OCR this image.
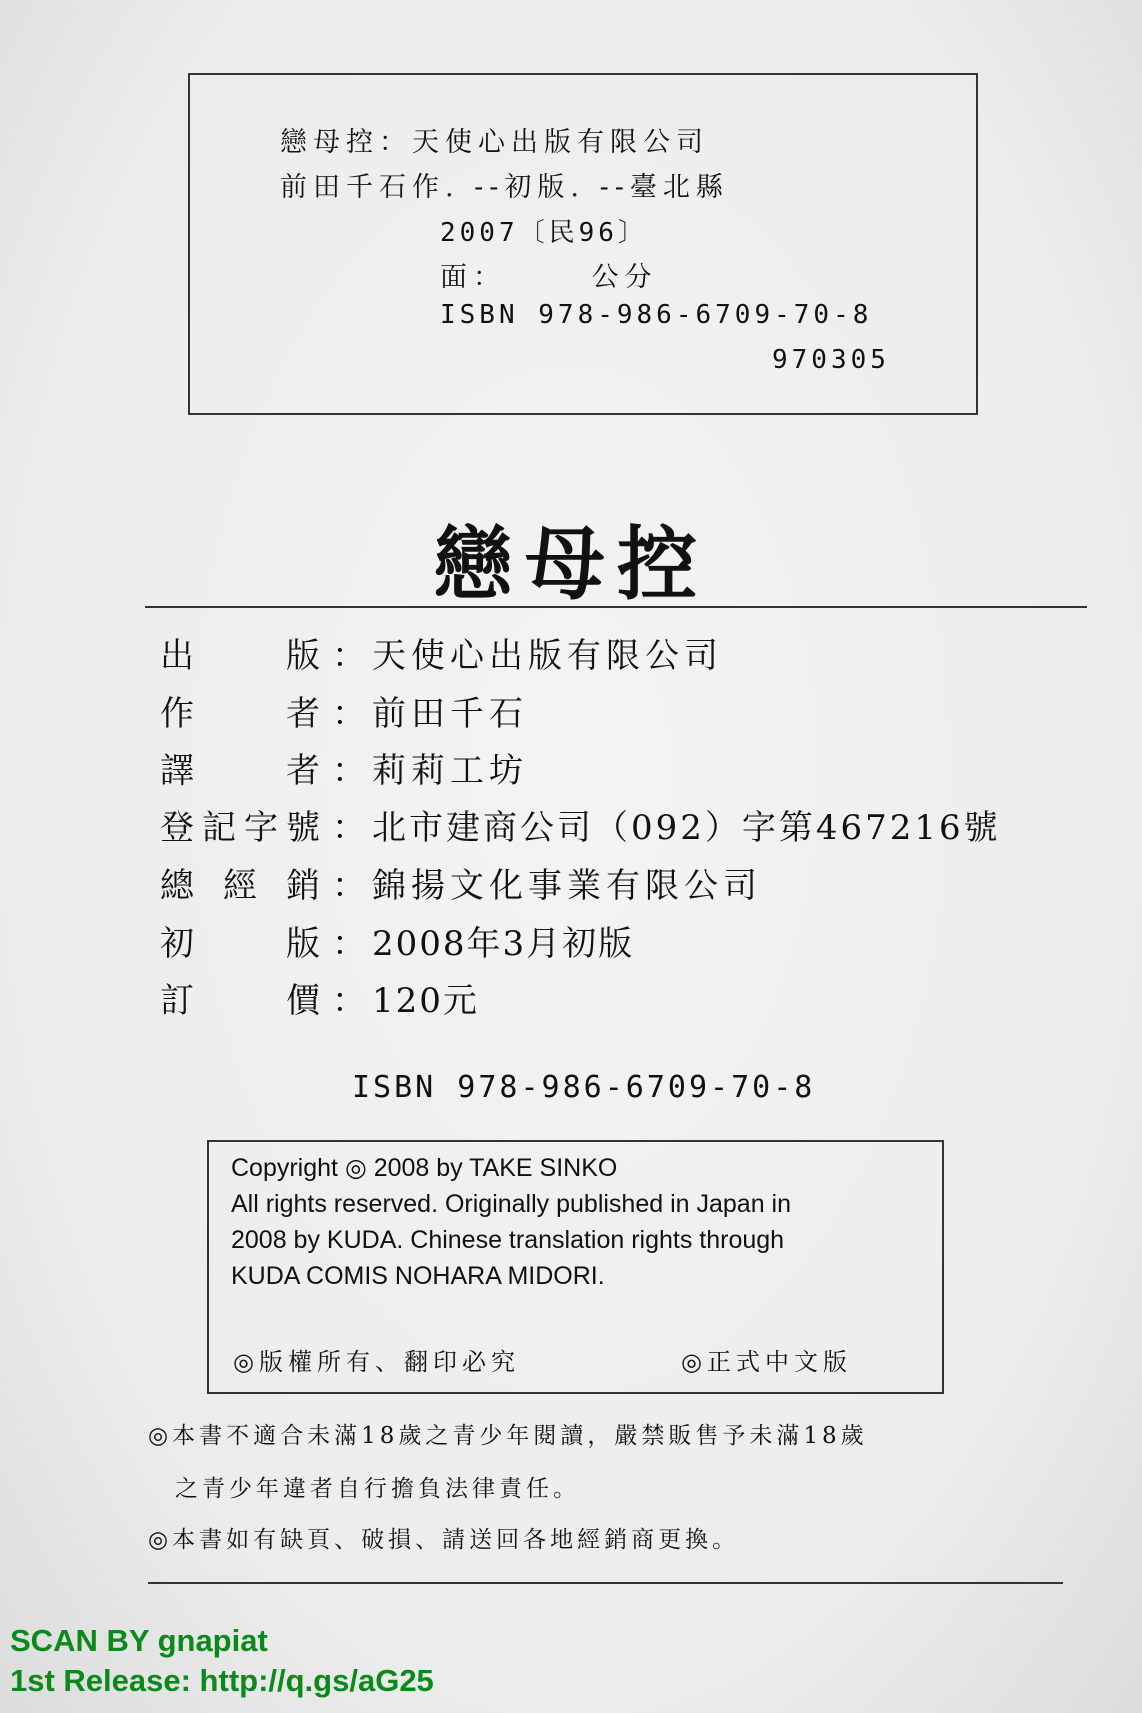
戀母控：天使心出版有限公司
前田千石作. --初版. --臺北縣
2007〔民96〕
面：　　　公分
ISBN 978-986-6709-70-8
970305
戀母控
出　版 ： 天使心出版有限公司
作　者 ： 前田千石
譯　者 ： 莉莉工坊
登記字號 ： 北市建商公司（092）字第467216號
總經銷 ： 錦揚文化事業有限公司
初　版 ： 2008年3月初版
訂　價 ： 120元
ISBN 978-986-6709-70-8
Copyright ◎ 2008 by TAKE SINKO
All rights reserved. Originally published in Japan in
2008 by KUDA. Chinese translation rights through
KUDA COMIS NOHARA MIDORI.
◎版權所有、翻印必究	◎正式中文版
◎本書不適合未滿18歲之青少年閱讀，嚴禁販售予未滿18歲
之青少年違者自行擔負法律責任。
◎本書如有缺頁、破損、請送回各地經銷商更換。
SCAN BY gnapiat
1st Release: http://q.gs/aG25
